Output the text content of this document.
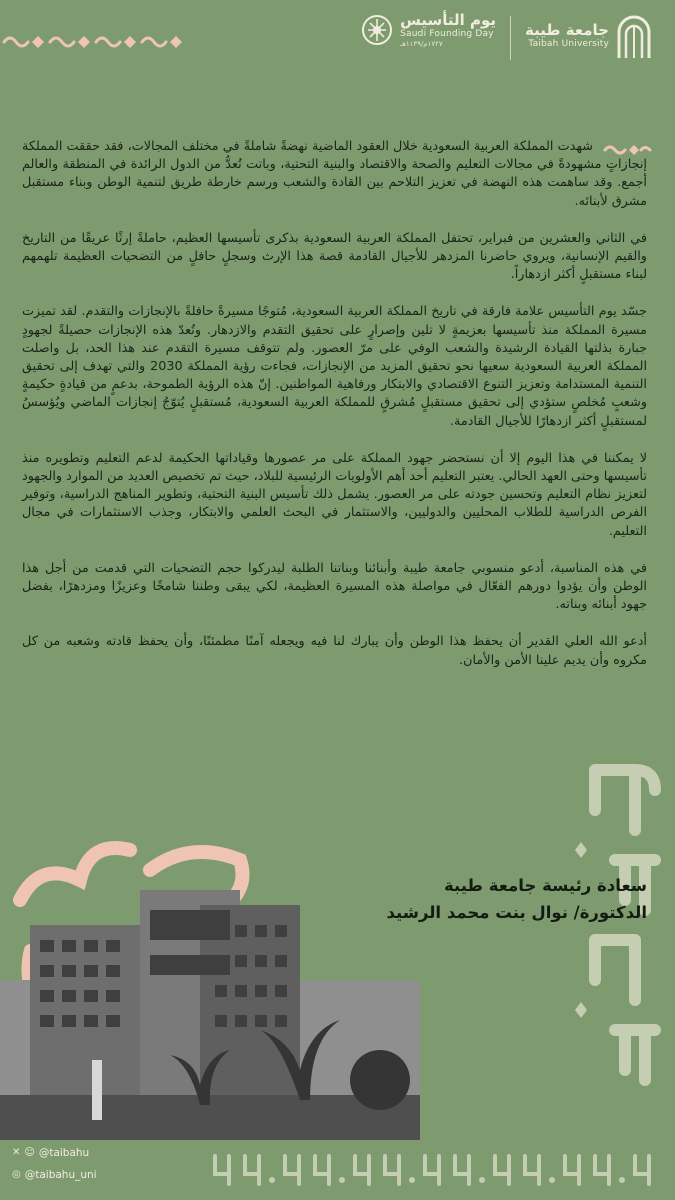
يوم التأسيس
Saudi Founding Day
١٧٢٧م/١١٣٩هـ
جامعة طيبة
Taibah University

شهدت المملكة العربية السعودية خلال العقود الماضية نهضةً شاملةً في مختلف المجالات، فقد حققت المملكة إنجازاتٍ مشهودةً في مجالات التعليم والصحة والاقتصاد والبنية التحتية، وباتت تُعدُّ من الدول الرائدة في المنطقة والعالم أجمع. وقد ساهمت هذه النهضة في تعزيز التلاحم بين القادة والشعب ورسم خارطة طريق لتنمية الوطن وبناء مستقبل مشرق لأبنائه.

في الثاني والعشرين من فبراير، تحتفل المملكة العربية السعودية بذكرى تأسيسها العظيم، حاملةً إرثًا عريقًا من التاريخ والقيم الإنسانية، ويروي حاضرنا المزدهر للأجيال القادمة قصة هذا الإرث وسجلٍ حافلٍ من التضحيات العظيمة تلهمهم لبناء مستقبلٍ أكثر ازدهاراً.

جسّد يوم التأسيس علامة فارقة في تاريخ المملكة العربية السعودية، مُتوجًا مسيرةً حافلةً بالإنجازات والتقدم. لقد تميزت مسيرة المملكة منذ تأسيسها بعزيمةٍ لا تلين وإصرارٍ على تحقيق التقدم والازدهار. وتُعدّ هذه الإنجازات حصيلةً لجهودٍ جبارة بذلتها القيادة الرشيدة والشعب الوفي على مرّ العصور. ولم تتوقف مسيرة التقدم عند هذا الحد، بل واصلت المملكة العربية السعودية سعيها نحو تحقيق المزيد من الإنجازات، فجاءت رؤية المملكة 2030 والتي تهدف إلى تحقيق التنمية المستدامة وتعزيز التنوع الاقتصادي والابتكار ورفاهية المواطنين. إنّ هذه الرؤية الطموحة، بدعمٍ من قيادةٍ حكيمةٍ وشعبٍ مُخلصٍ ستؤدي إلى تحقيق مستقبلٍ مُشرقٍ للمملكة العربية السعودية، مُستقبلٍ يُتوّجُ إنجازات الماضي ويُؤسسُ لمستقبلٍ أكثر ازدهارًا للأجيال القادمة.

لا يمكننا في هذا اليوم إلا أن نستحضر جهود المملكة على مر عصورها وقياداتها الحكيمة لدعم التعليم وتطويره منذ تأسيسها وحتى العهد الحالي. يعتبر التعليم أحد أهم الأولويات الرئيسية للبلاد، حيث تم تخصيص العديد من الموارد والجهود لتعزيز نظام التعليم وتحسين جودته على مر العصور. يشمل ذلك تأسيس البنية التحتية، وتطوير المناهج الدراسية، وتوفير الفرص الدراسية للطلاب المحليين والدوليين، والاستثمار في البحث العلمي والابتكار، وجذب الاستثمارات في مجال التعليم.

في هذه المناسبة، أدعو منسوبي جامعة طيبة وأبنائنا وبناتنا الطلبة ليدركوا حجم التضحيات التي قدمت من أجل هذا الوطن وأن يؤدوا دورهم الفعّال في مواصلة هذه المسيرة العظيمة، لكي يبقى وطننا شامخًا وعزيزًا ومزدهرًا، بفضل جهود أبنائه وبناته.

أدعو الله العلي القدير أن يحفظ هذا الوطن وأن يبارك لنا فيه ويجعله آمنًا مطمئنًا، وأن يحفظ قادته وشعبه من كل مكروه وأن يديم علينا الأمن والأمان.

سعادة رئيسة جامعة طيبة
الدكتورة/ نوال بنت محمد الرشيد
✕ ☺ @taibahu
◎ @taibahu_uni
